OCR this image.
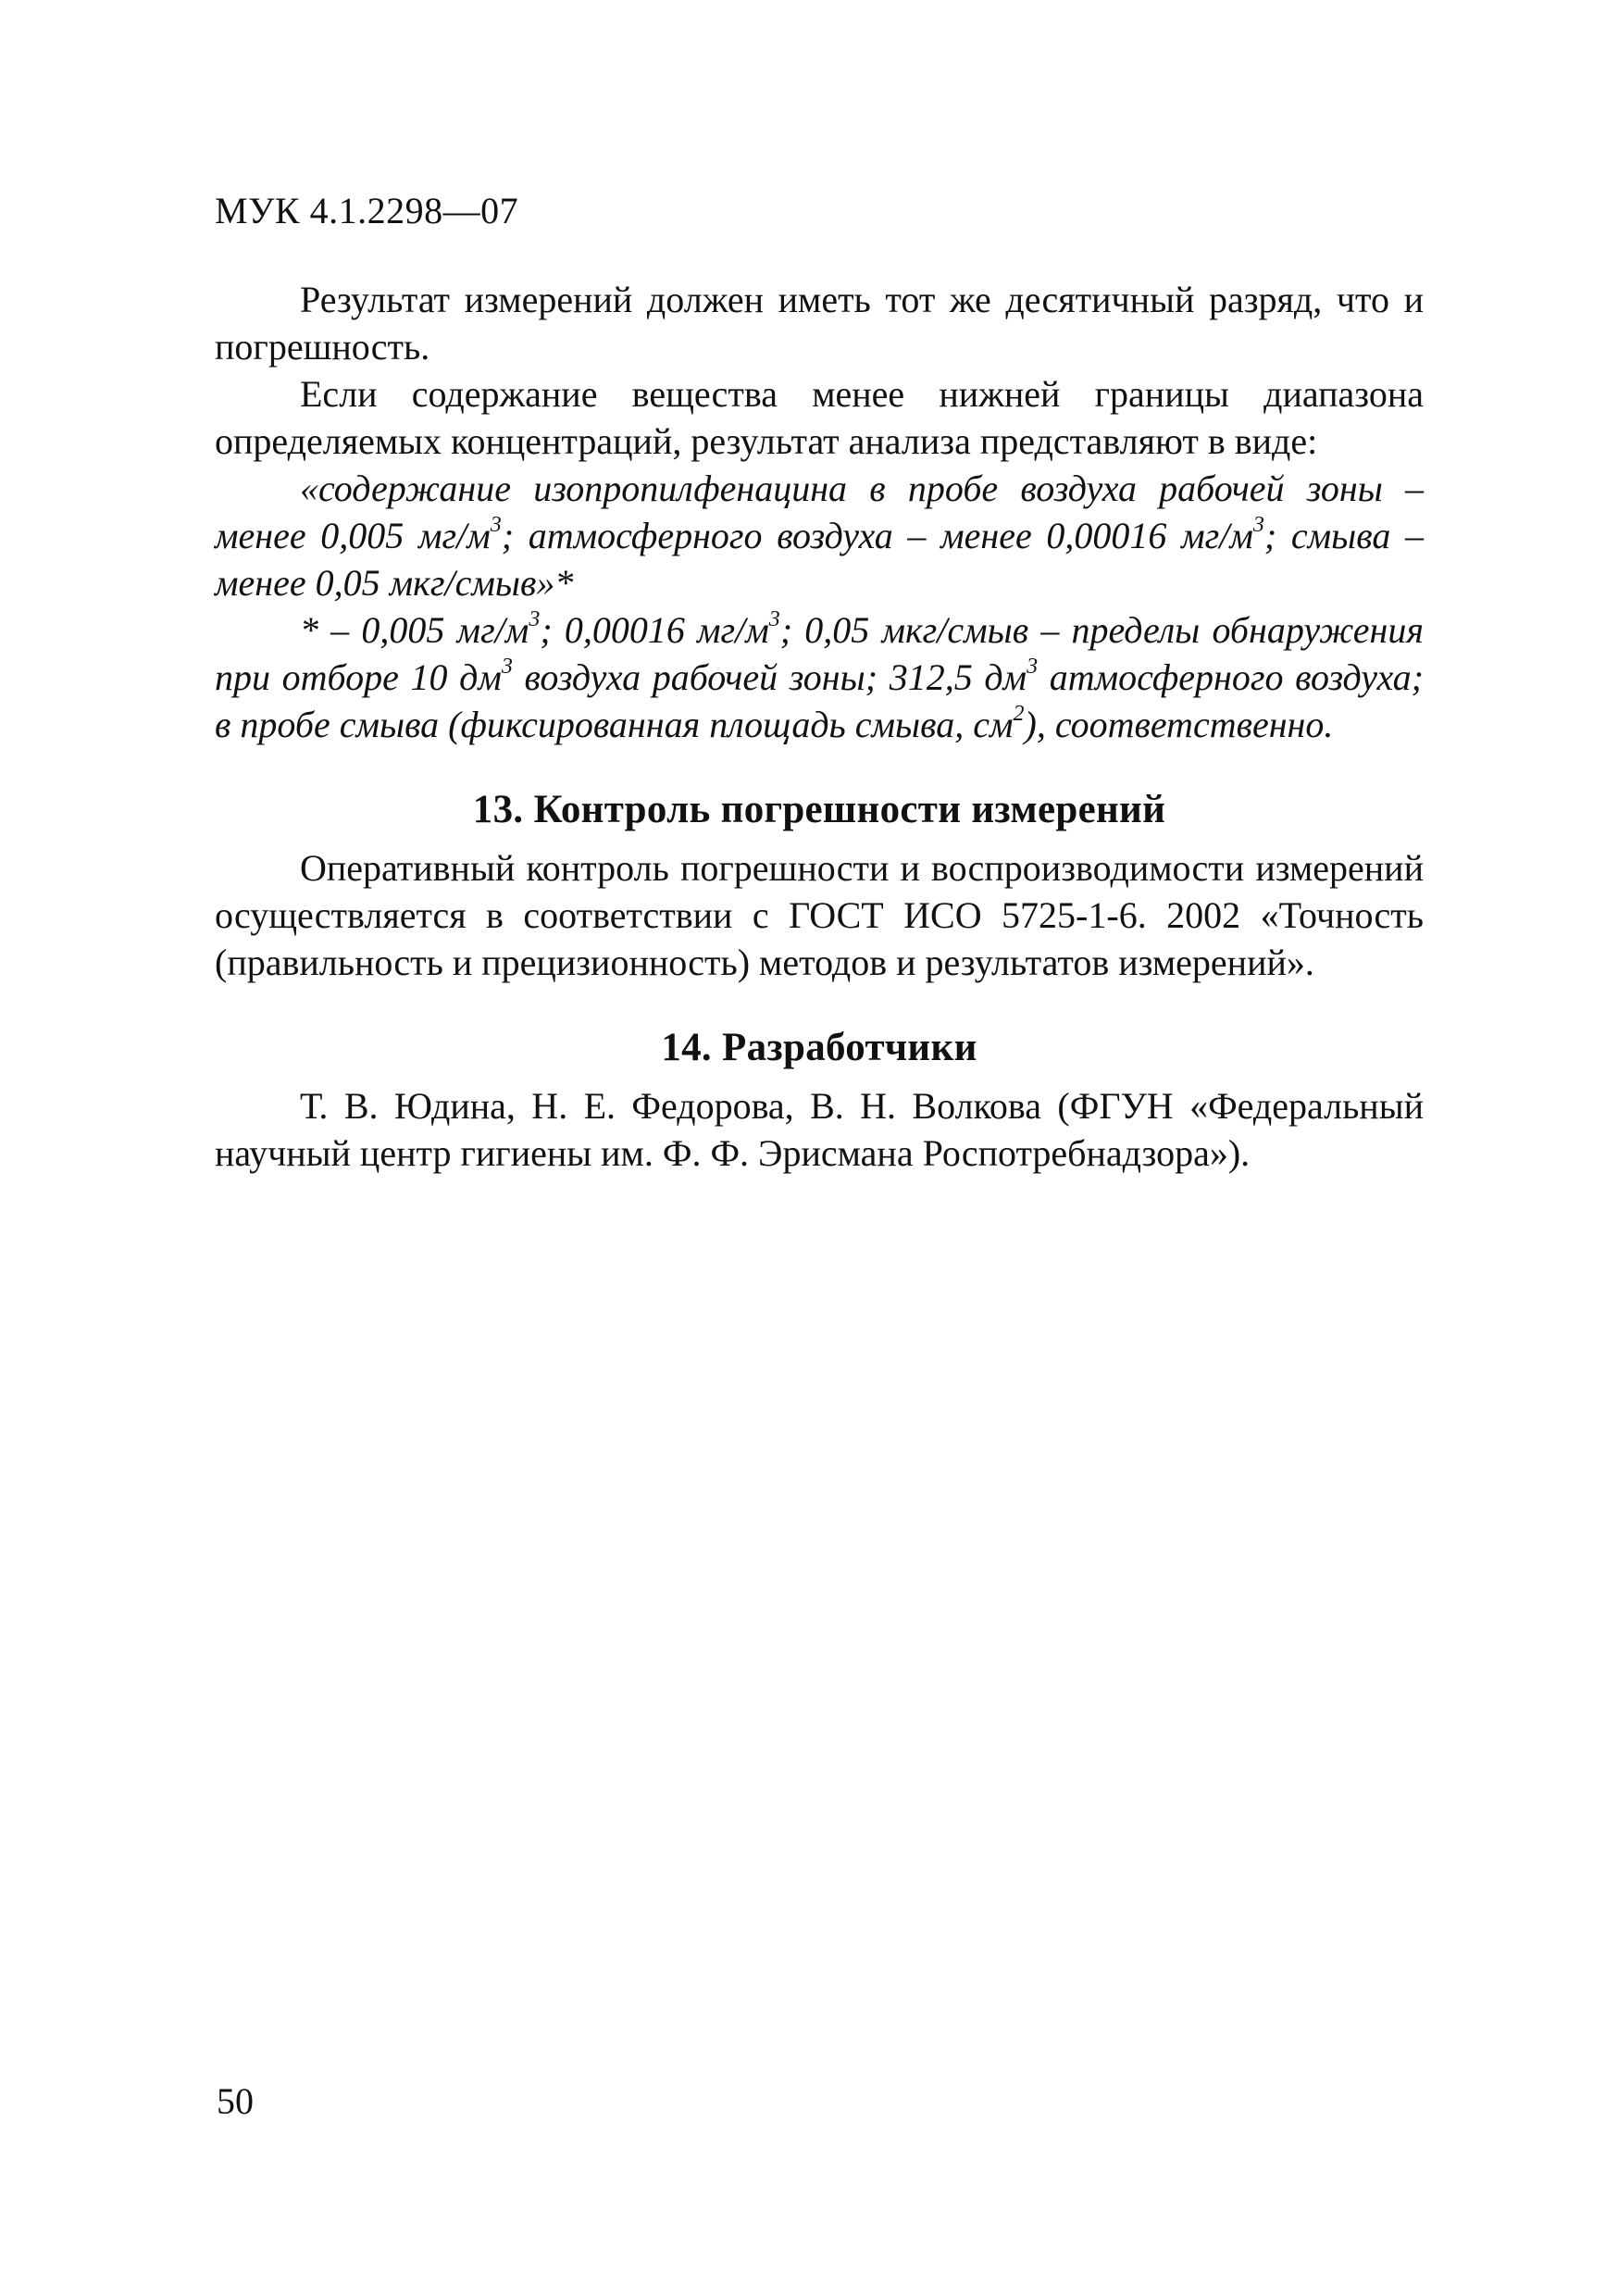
МУК 4.1.2298—07

Результат измерений должен иметь тот же десятичный разряд, что и погрешность.

Если содержание вещества менее нижней границы диапазона определяемых концентраций, результат анализа представляют в виде:

«содержание изопропилфенацина в пробе воздуха рабочей зоны – менее 0,005 $мг/м^3$; атмосферного воздуха – менее 0,00016 $мг/м^3$; смыва – менее 0,05 мкг/смыв»*

* – 0,005 $мг/м^3$; 0,00016 $мг/м^3$; 0,05 мкг/смыв – пределы обнаружения при отборе 10 $дм^3$ воздуха рабочей зоны; 312,5 $дм^3$ атмосферного воздуха; в пробе смыва (фиксированная площадь смыва, $см^2$), соответственно.

13. Контроль погрешности измерений

Оперативный контроль погрешности и воспроизводимости измерений осуществляется в соответствии с ГОСТ ИСО 5725-1-6. 2002 «Точность (правильность и прецизионность) методов и результатов измерений».

14. Разработчики

Т. В. Юдина, Н. Е. Федорова, В. Н. Волкова (ФГУН «Федеральный научный центр гигиены им. Ф. Ф. Эрисмана Роспотребнадзора»).

50
